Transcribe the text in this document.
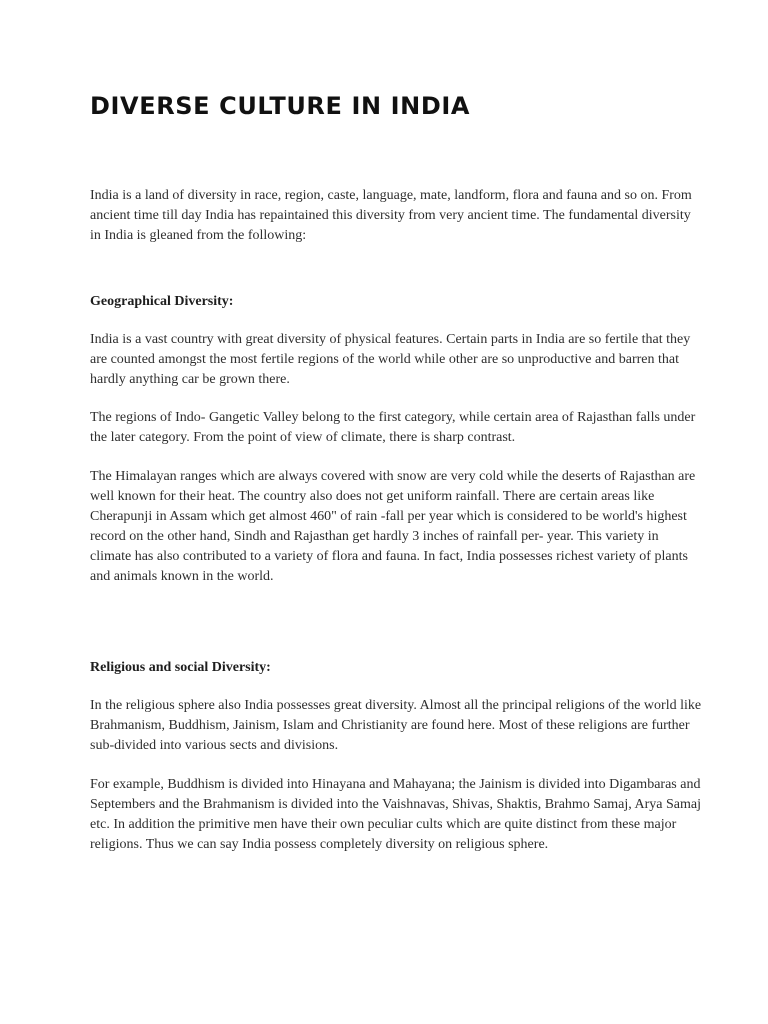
DIVERSE CULTURE IN INDIA

India is a land of diversity in race, region, caste, language, mate, landform, flora and fauna and so on. From ancient time till day India has repaintained this diversity from very ancient time. The fundamental diversity in India is gleaned from the following:

Geographical Diversity:

India is a vast country with great diversity of physical features. Certain parts in India are so fertile that they are counted amongst the most fertile regions of the world while other are so unproductive and barren that hardly anything car be grown there.

The regions of Indo- Gangetic Valley belong to the first category, while certain area of Rajasthan falls under the later category. From the point of view of climate, there is sharp contrast.

The Himalayan ranges which are always covered with snow are very cold while the deserts of Rajasthan are well known for their heat. The country also does not get uniform rainfall. There are certain areas like Cherapunji in Assam which get almost 460" of rain -fall per year which is considered to be world's highest record on the other hand, Sindh and Rajasthan get hardly 3 inches of rainfall per- year. This variety in climate has also contributed to a variety of flora and fauna. In fact, India possesses richest variety of plants and animals known in the world.

Religious and social Diversity:

In the religious sphere also India possesses great diversity. Almost all the principal religions of the world like Brahmanism, Buddhism, Jainism, Islam and Christianity are found here. Most of these religions are further sub-divided into various sects and divisions.

For example, Buddhism is divided into Hinayana and Mahayana; the Jainism is divided into Digambaras and Septembers and the Brahmanism is divided into the Vaishnavas, Shivas, Shaktis, Brahmo Samaj, Arya Samaj etc. In addition the primitive men have their own peculiar cults which are quite distinct from these major religions. Thus we can say India possess completely diversity on religious sphere.
